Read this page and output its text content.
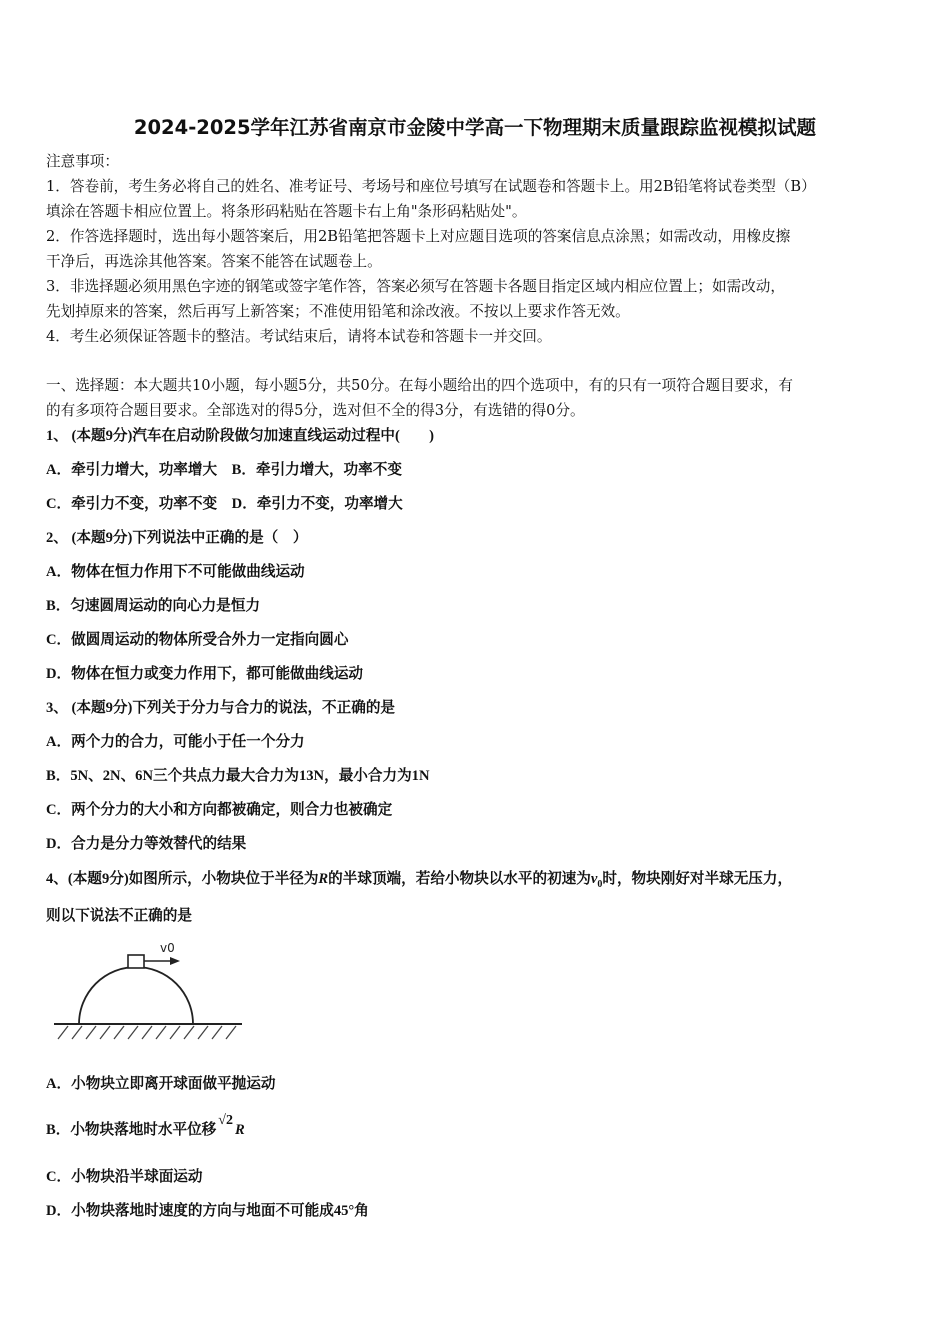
2024-2025学年江苏省南京市金陵中学高一下物理期末质量跟踪监视模拟试题
注意事项：
1．答卷前，考生务必将自己的姓名、准考证号、考场号和座位号填写在试题卷和答题卡上。用2B铅笔将试卷类型（B）
填涂在答题卡相应位置上。将条形码粘贴在答题卡右上角"条形码粘贴处"。
2．作答选择题时，选出每小题答案后，用2B铅笔把答题卡上对应题目选项的答案信息点涂黑；如需改动，用橡皮擦
干净后，再选涂其他答案。答案不能答在试题卷上。
3．非选择题必须用黑色字迹的钢笔或签字笔作答，答案必须写在答题卡各题目指定区域内相应位置上；如需改动，
先划掉原来的答案，然后再写上新答案；不准使用铅笔和涂改液。不按以上要求作答无效。
4．考生必须保证答题卡的整洁。考试结束后，请将本试卷和答题卡一并交回。
一、选择题：本大题共10小题，每小题5分，共50分。在每小题给出的四个选项中，有的只有一项符合题目要求，有
的有多项符合题目要求。全部选对的得5分，选对但不全的得3分，有选错的得0分。
1、 (本题9分)汽车在启动阶段做匀加速直线运动过程中(　　)
A．牵引力增大，功率增大　B．牵引力增大，功率不变
C．牵引力不变，功率不变　D．牵引力不变，功率增大
2、 (本题9分)下列说法中正确的是（　）
A．物体在恒力作用下不可能做曲线运动
B．匀速圆周运动的向心力是恒力
C．做圆周运动的物体所受合外力一定指向圆心
D．物体在恒力或变力作用下，都可能做曲线运动
3、 (本题9分)下列关于分力与合力的说法，不正确的是
A．两个力的合力，可能小于任一个分力
B．5N、2N、6N三个共点力最大合力为13N，最小合力为1N
C．两个分力的大小和方向都被确定，则合力也被确定
D．合力是分力等效替代的结果
4、(本题9分)如图所示，小物块位于半径为R的半球顶端，若给小物块以水平的初速为$v_0$时，物块刚好对半球无压力，
则以下说法不正确的是
v0
A．小物块立即离开球面做平抛运动
B．小物块落地时水平位移√2R
C．小物块沿半球面运动
D．小物块落地时速度的方向与地面不可能成45°角
